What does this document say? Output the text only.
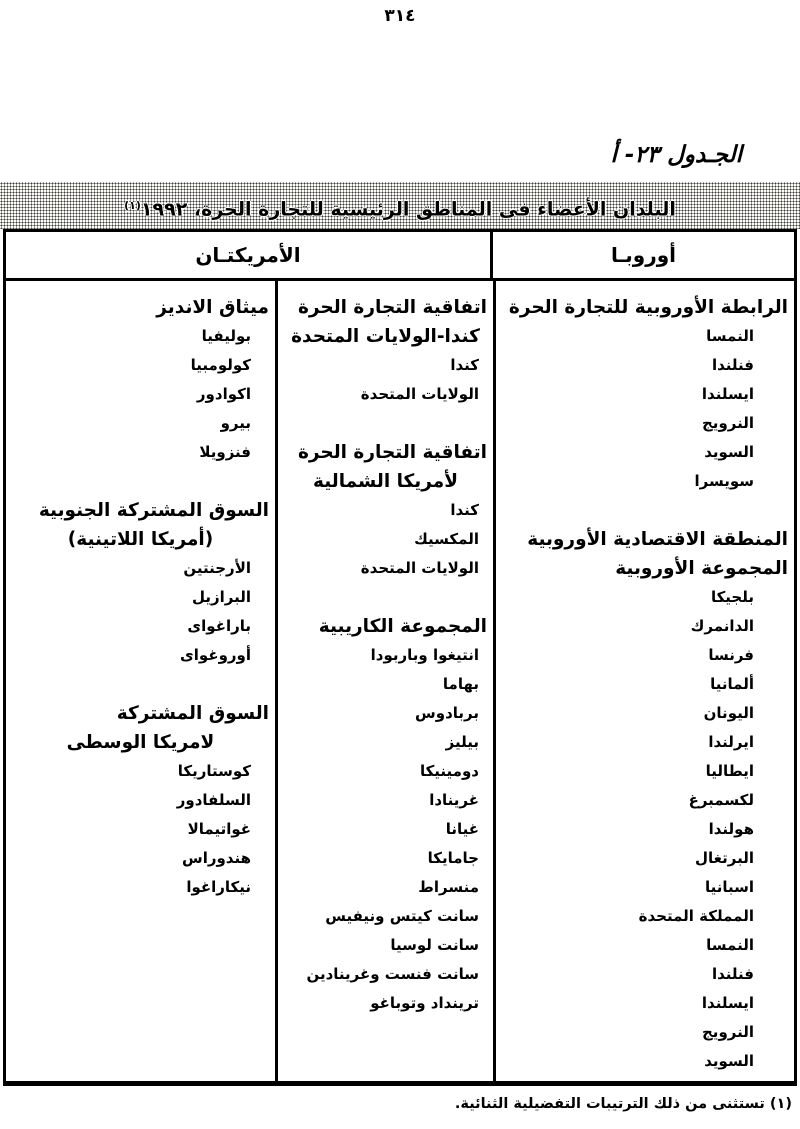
٣١٤
الجـدول ٢٣- أ
البلدان الأعضاء فى المناطق الرئيسية للتجارة الحرة، ١٩٩٢$^{(١)}$
أوروبـا
الأمريكتـان
الرابطة الأوروبية للتجارة الحرة
النمسا
فنلندا
ايسلندا
النرويج
السويد
سويسرا
المنطقة الاقتصادية الأوروبية
المجموعة الأوروبية
بلجيكا
الدانمرك
فرنسا
ألمانيا
اليونان
ايرلندا
ايطاليا
لكسمبرغ
هولندا
البرتغال
اسبانيا
المملكة المتحدة
النمسا
فنلندا
ايسلندا
النرويج
السويد
اتفاقية التجارة الحرة
كندا-الولايات المتحدة
كندا
الولايات المتحدة
اتفاقية التجارة الحرة
لأمريكا الشمالية
كندا
المكسيك
الولايات المتحدة
المجموعة الكاريبية
انتيغوا وباربودا
بهاما
بربادوس
بيليز
دومينيكا
غرينادا
غيانا
جامايكا
منسراط
سانت كيتس ونيفيس
سانت لوسيا
سانت فنست وغرينادين
ترينداد وتوباغو
ميثاق الانديز
بوليفيا
كولومبيا
اكوادور
بيرو
فنزويلا
السوق المشتركة الجنوبية
(أمريكا اللاتينية)
الأرجنتين
البرازيل
باراغواى
أوروغواى
السوق المشتركة
لامريكا الوسطى
كوستاريكا
السلفادور
غواتيمالا
هندوراس
نيكاراغوا
(١) تستثنى من ذلك الترتيبات التفضيلية الثنائية.
